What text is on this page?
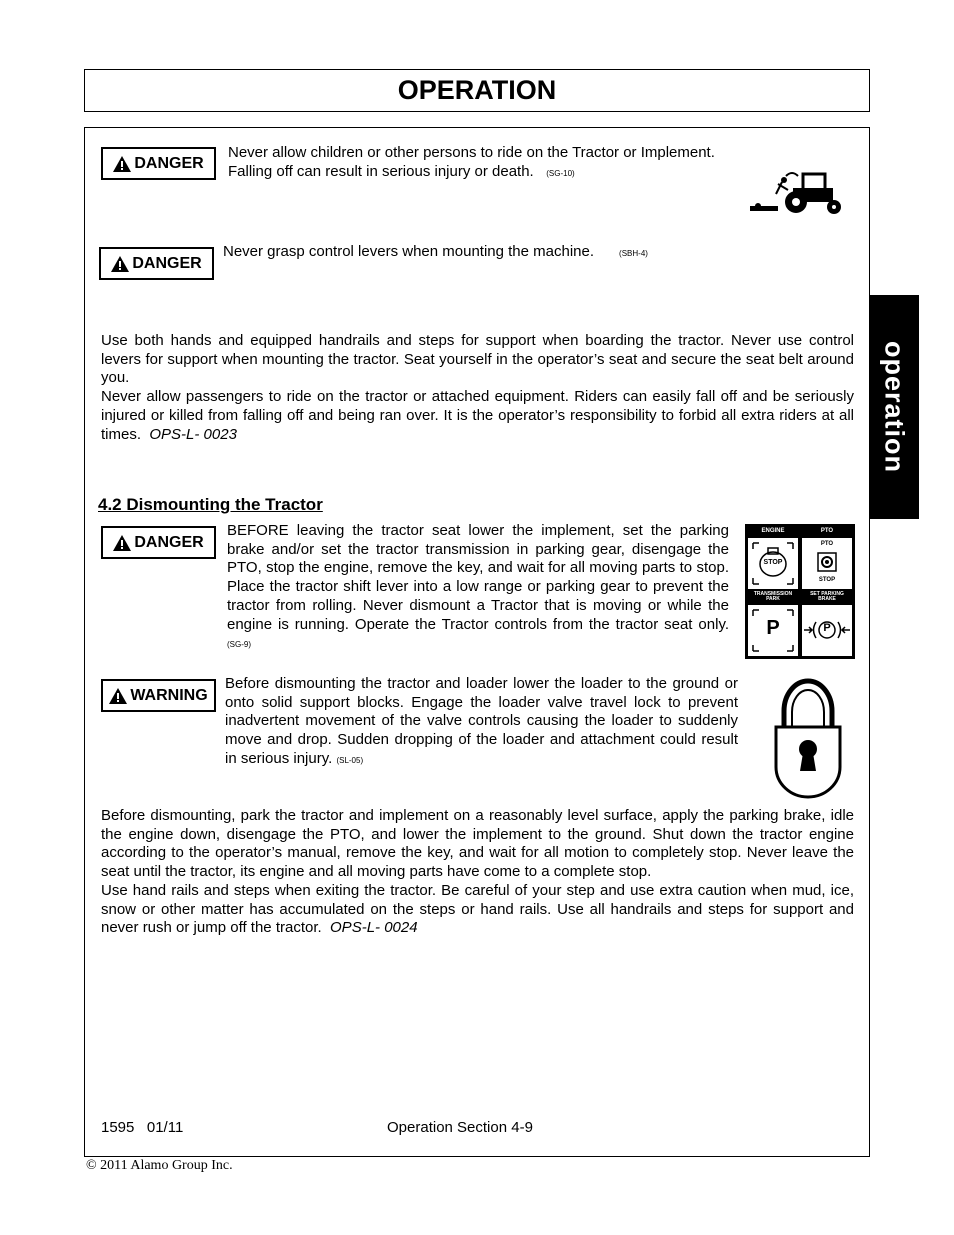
OPERATION
operation
DANGER
Never allow children or other persons to ride on the Tractor or Implement.
Falling off can result in serious injury or death. (SG-10)
DANGER
Never grasp control levers when mounting the machine.	(SBH-4)
Use both hands and equipped handrails and steps for support when boarding the tractor. Never use control levers for support when mounting the tractor. Seat yourself in the operator’s seat and secure the seat belt around you.
Never allow passengers to ride on the tractor or attached equipment. Riders can easily fall off and be seriously injured or killed from falling off and being ran over. It is the operator’s responsibility to forbid all extra riders at all times. OPS-L- 0023
4.2 Dismounting the Tractor
DANGER
BEFORE leaving the tractor seat lower the implement, set the parking brake and/or set the tractor transmission in parking gear, disengage the PTO, stop the engine, remove the key, and wait for all moving parts to stop. Place the tractor shift lever into a low range or parking gear to prevent the tractor from rolling. Never dismount a Tractor that is moving or while the engine is running. Operate the Tractor controls from the tractor seat only. (SG-9)
ENGINE	PTO
STOP
PTO
STOP
TRANSMISSION
PARK
SET PARKING
BRAKE
P	P
WARNING
Before dismounting the tractor and loader lower the loader to the ground or onto solid support blocks. Engage the loader valve travel lock to prevent inadvertent movement of the valve controls causing the loader to suddenly move and drop. Sudden dropping of the loader and attachment could result in serious injury. (SL-05)
Before dismounting, park the tractor and implement on a reasonably level surface, apply the parking brake, idle the engine down, disengage the PTO, and lower the implement to the ground. Shut down the tractor engine according to the operator’s manual, remove the key, and wait for all motion to completely stop. Never leave the seat until the tractor, its engine and all moving parts have come to a complete stop.
Use hand rails and steps when exiting the tractor. Be careful of your step and use extra caution when mud, ice, snow or other matter has accumulated on the steps or hand rails. Use all handrails and steps for support and never rush or jump off the tractor. OPS-L- 0024
1595   01/11	Operation Section 4-9
© 2011 Alamo Group Inc.
